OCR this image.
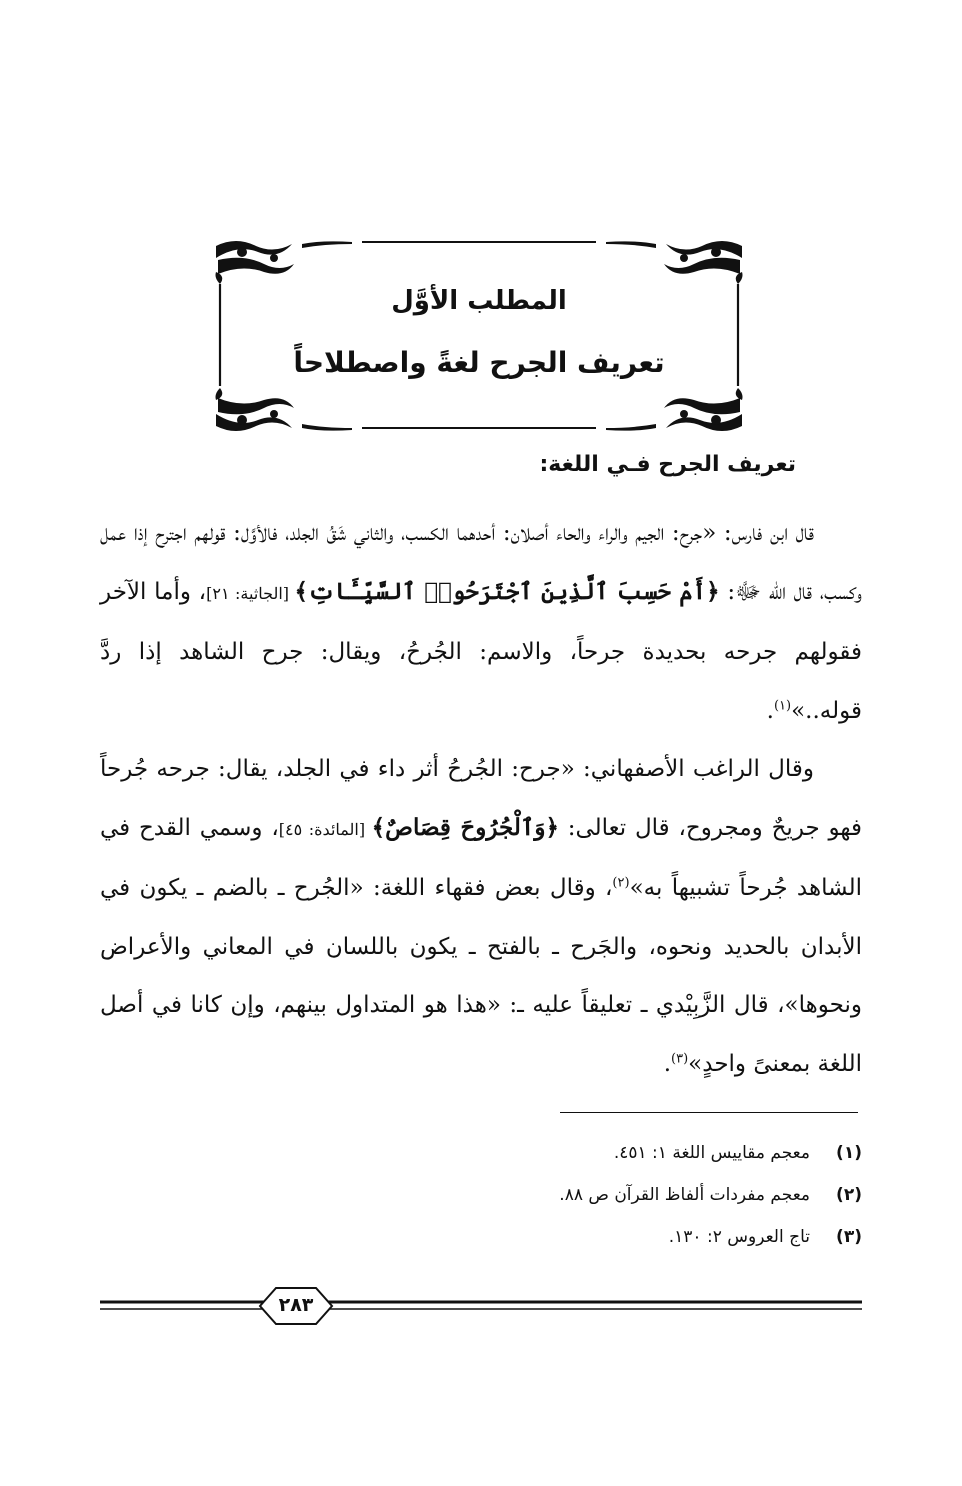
المطلب الأوَّل
تعريف الجرح لغةً واصطلاحاً
تعريف الجرح فـي اللغة:

قال ابن فارس: «جرح: الجيم والراء والحاء أصلان: أحدهما الكسب، والثاني شَقُ الجلد، فالأوَّل: قولهم اجترح إذا عمل وكسب، قال الله ﷻ: ﴿أَمْ حَسِبَ ٱلَّذِينَ ٱجْتَرَحُوا۟ ٱلسَّيِّـَٔاتِ﴾ [الجاثية: ٢١]، وأما الآخر فقولهم جرحه بحديدة جرحاً، والاسم: الجُرحُ، ويقال: جرح الشاهد إذا ردَّ قوله..»$^{(١)}$.

وقال الراغب الأصفهاني: «جرح: الجُرحُ أثر داء في الجلد، يقال: جرحه جُرحاً فهو جريحٌ ومجروح، قال تعالى: ﴿وَٱلْجُرُوحَ قِصَاصٌ﴾ [المائدة: ٤٥]، وسمي القدح في الشاهد جُرحاً تشبيهاً به»$^{(٢)}$، وقال بعض فقهاء اللغة: «الجُرح ـ بالضم ـ يكون في الأبدان بالحديد ونحوه، والجَرح ـ بالفتح ـ يكون باللسان في المعاني والأعراض ونحوها»، قال الزَّبِيْدي ـ تعليقاً عليه ـ: «هذا هو المتداول بينهم، وإن كانا في أصل اللغة بمعنىً واحدٍ»$^{(٣)}$.

(١)
معجم مقاييس اللغة ١: ٤٥١.
(٢)
معجم مفردات ألفاظ القرآن ص ٨٨.
(٣)
تاج العروس ٢: ١٣٠.
٢٨٣
